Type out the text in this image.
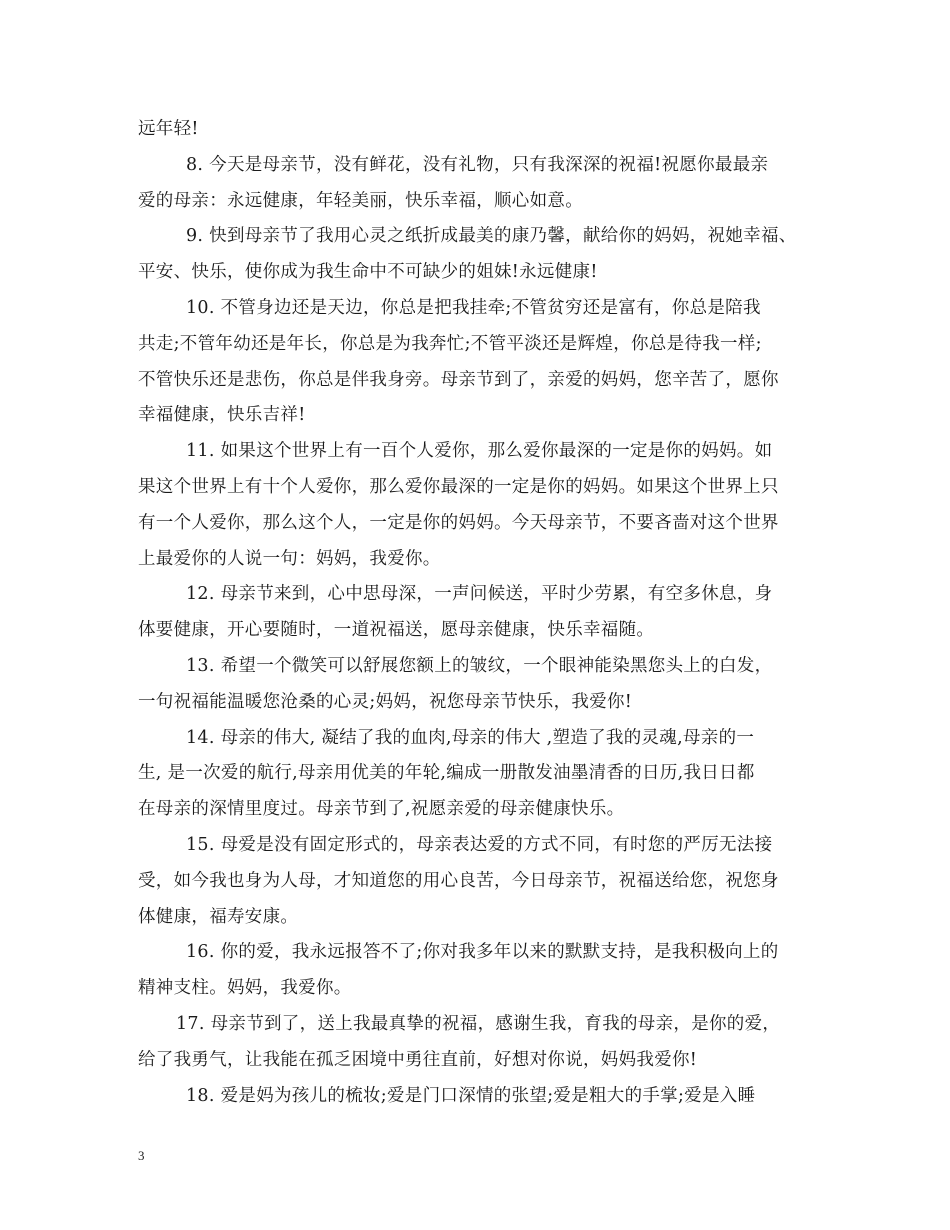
远年轻!
8. 今天是母亲节，没有鲜花，没有礼物，只有我深深的祝福!祝愿你最最亲
爱的母亲：永远健康，年轻美丽，快乐幸福，顺心如意。
9. 快到母亲节了我用心灵之纸折成最美的康乃馨，献给你的妈妈，祝她幸福、
平安、快乐，使你成为我生命中不可缺少的姐妹!永远健康!
10. 不管身边还是天边，你总是把我挂牵;不管贫穷还是富有，你总是陪我
共走;不管年幼还是年长，你总是为我奔忙;不管平淡还是辉煌，你总是待我一样;
不管快乐还是悲伤，你总是伴我身旁。母亲节到了，亲爱的妈妈，您辛苦了，愿你
幸福健康，快乐吉祥!
11. 如果这个世界上有一百个人爱你，那么爱你最深的一定是你的妈妈。如
果这个世界上有十个人爱你，那么爱你最深的一定是你的妈妈。如果这个世界上只
有一个人爱你，那么这个人，一定是你的妈妈。今天母亲节，不要吝啬对这个世界
上最爱你的人说一句：妈妈，我爱你。
12. 母亲节来到，心中思母深，一声问候送，平时少劳累，有空多休息，身
体要健康，开心要随时，一道祝福送，愿母亲健康，快乐幸福随。
13. 希望一个微笑可以舒展您额上的皱纹，一个眼神能染黑您头上的白发，
一句祝福能温暖您沧桑的心灵;妈妈，祝您母亲节快乐，我爱你!
14. 母亲的伟大, 凝结了我的血肉,母亲的伟大 ,塑造了我的灵魂,母亲的一
生, 是一次爱的航行,母亲用优美的年轮,编成一册散发油墨清香的日历,我日日都
在母亲的深情里度过。母亲节到了,祝愿亲爱的母亲健康快乐。
15. 母爱是没有固定形式的，母亲表达爱的方式不同，有时您的严厉无法接
受，如今我也身为人母，才知道您的用心良苦，今日母亲节，祝福送给您，祝您身
体健康，福寿安康。
16. 你的爱，我永远报答不了;你对我多年以来的默默支持，是我积极向上的
精神支柱。妈妈，我爱你。
17. 母亲节到了，送上我最真挚的祝福，感谢生我，育我的母亲，是你的爱，
给了我勇气，让我能在孤乏困境中勇往直前，好想对你说，妈妈我爱你!
18. 爱是妈为孩儿的梳妆;爱是门口深情的张望;爱是粗大的手掌;爱是入睡
3
